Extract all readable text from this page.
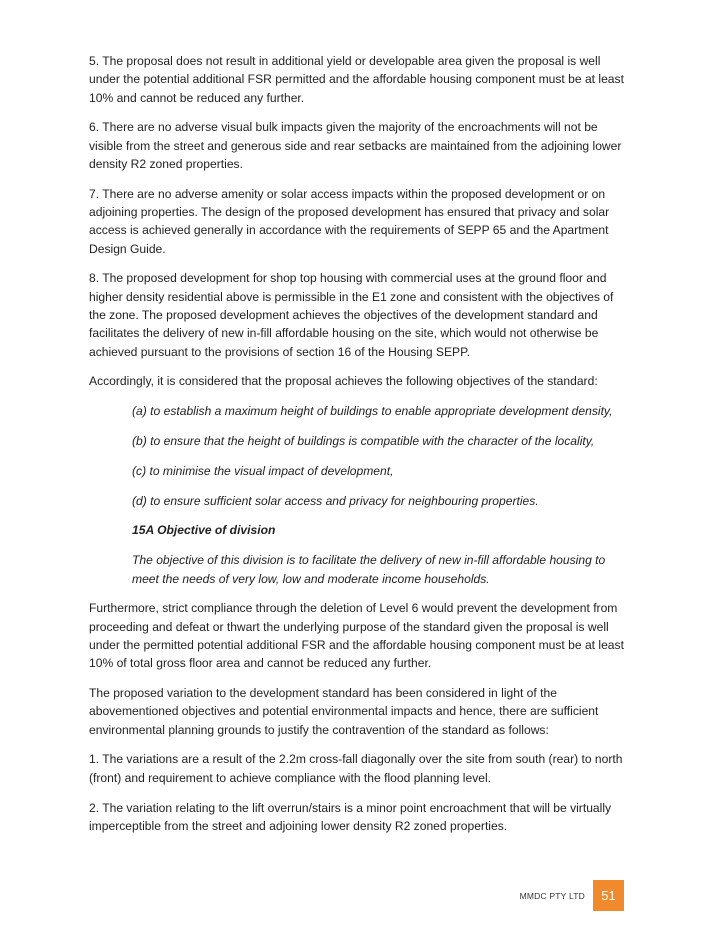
5. The proposal does not result in additional yield or developable area given the proposal is well under the potential additional FSR permitted and the affordable housing component must be at least 10% and cannot be reduced any further.

6. There are no adverse visual bulk impacts given the majority of the encroachments will not be visible from the street and generous side and rear setbacks are maintained from the adjoining lower density R2 zoned properties.

7. There are no adverse amenity or solar access impacts within the proposed development or on adjoining properties. The design of the proposed development has ensured that privacy and solar access is achieved generally in accordance with the requirements of SEPP 65 and the Apartment Design Guide.

8. The proposed development for shop top housing with commercial uses at the ground floor and higher density residential above is permissible in the E1 zone and consistent with the objectives of the zone. The proposed development achieves the objectives of the development standard and facilitates the delivery of new in-fill affordable housing on the site, which would not otherwise be achieved pursuant to the provisions of section 16 of the Housing SEPP.

Accordingly, it is considered that the proposal achieves the following objectives of the standard:

(a) to establish a maximum height of buildings to enable appropriate development density,

(b) to ensure that the height of buildings is compatible with the character of the locality,

(c) to minimise the visual impact of development,

(d) to ensure sufficient solar access and privacy for neighbouring properties.

15A Objective of division

The objective of this division is to facilitate the delivery of new in-fill affordable housing to meet the needs of very low, low and moderate income households.

Furthermore, strict compliance through the deletion of Level 6 would prevent the development from proceeding and defeat or thwart the underlying purpose of the standard given the proposal is well under the permitted potential additional FSR and the affordable housing component must be at least 10% of total gross floor area and cannot be reduced any further.

The proposed variation to the development standard has been considered in light of the abovementioned objectives and potential environmental impacts and hence, there are sufficient environmental planning grounds to justify the contravention of the standard as follows:

1. The variations are a result of the 2.2m cross-fall diagonally over the site from south (rear) to north (front) and requirement to achieve compliance with the flood planning level.

2. The variation relating to the lift overrun/stairs is a minor point encroachment that will be virtually imperceptible from the street and adjoining lower density R2 zoned properties.

MMDC PTY LTD	51
